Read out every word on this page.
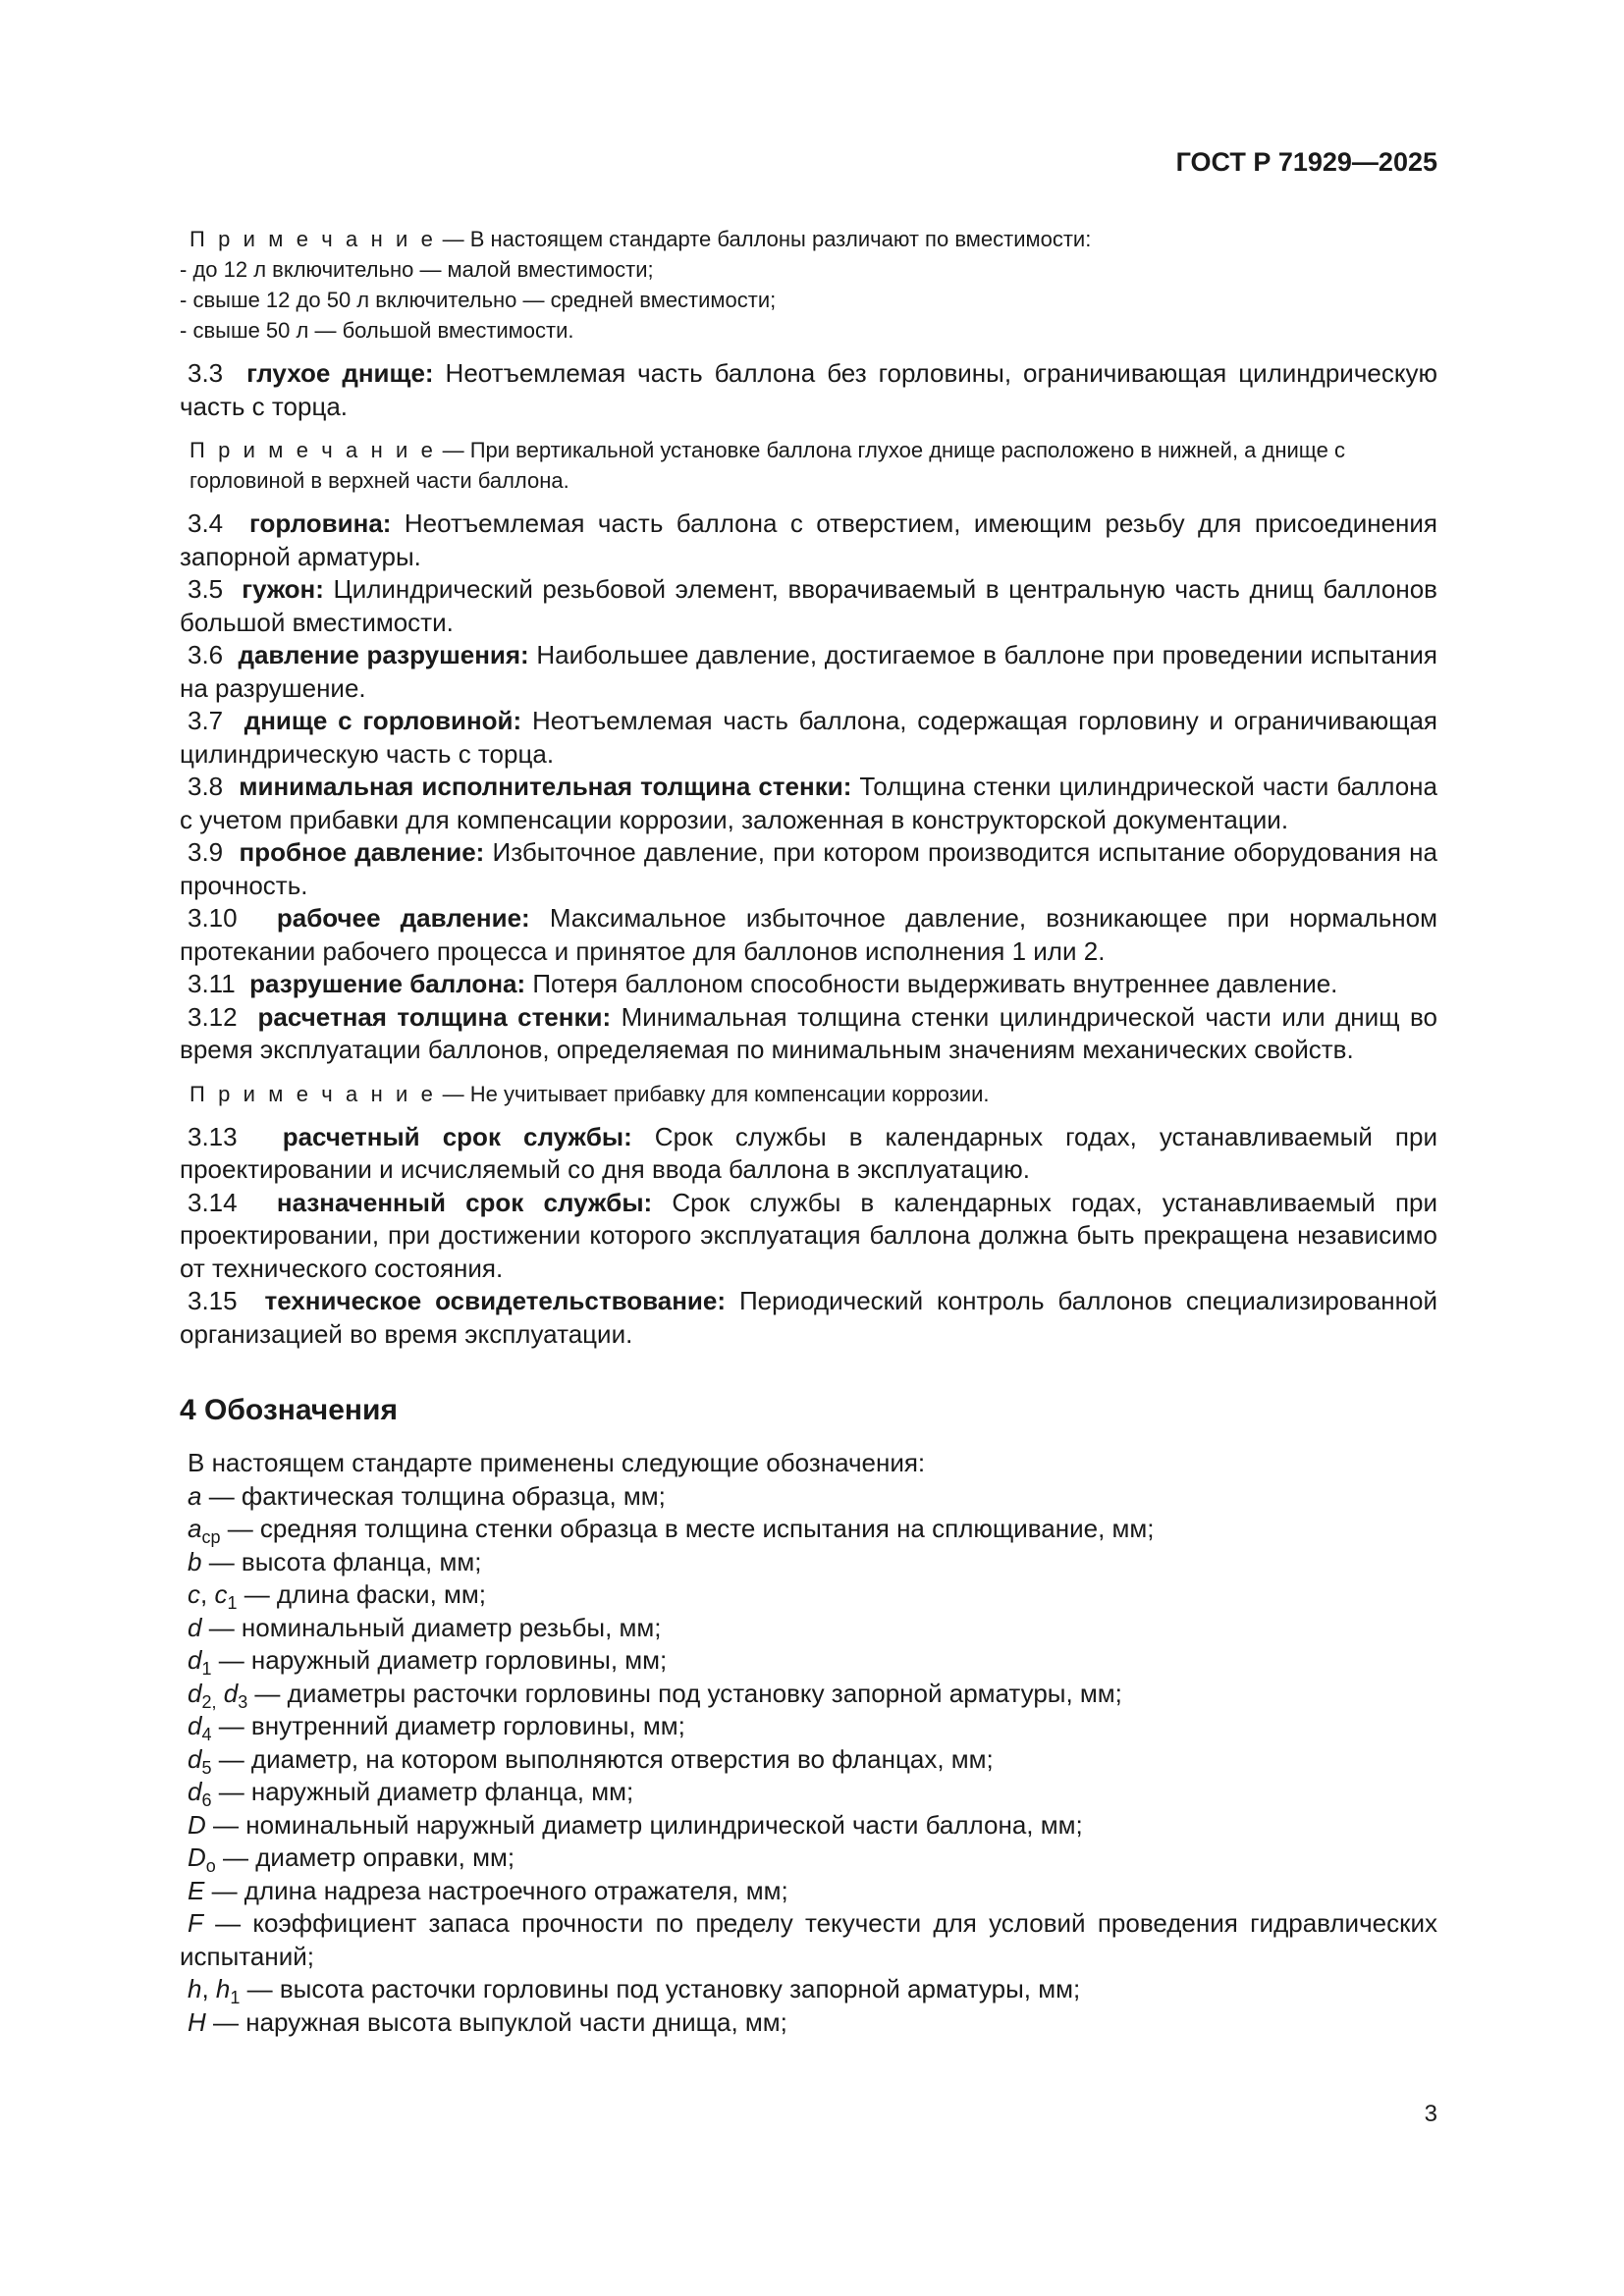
ГОСТ Р 71929—2025
П р и м е ч а н и е — В настоящем стандарте баллоны различают по вместимости:
- до 12 л включительно — малой вместимости;
- свыше 12 до 50 л включительно — средней вместимости;
- свыше 50 л — большой вместимости.

3.3 глухое днище: Неотъемлемая часть баллона без горловины, ограничивающая цилиндрическую часть с торца.

П р и м е ч а н и е — При вертикальной установке баллона глухое днище расположено в нижней, а днище с горловиной в верхней части баллона.

3.4 горловина: Неотъемлемая часть баллона с отверстием, имеющим резьбу для присоединения запорной арматуры.

3.5 гужон: Цилиндрический резьбовой элемент, вворачиваемый в центральную часть днищ баллонов большой вместимости.

3.6 давление разрушения: Наибольшее давление, достигаемое в баллоне при проведении испытания на разрушение.

3.7 днище с горловиной: Неотъемлемая часть баллона, содержащая горловину и ограничивающая цилиндрическую часть с торца.

3.8 минимальная исполнительная толщина стенки: Толщина стенки цилиндрической части баллона с учетом прибавки для компенсации коррозии, заложенная в конструкторской документации.

3.9 пробное давление: Избыточное давление, при котором производится испытание оборудования на прочность.

3.10 рабочее давление: Максимальное избыточное давление, возникающее при нормальном протекании рабочего процесса и принятое для баллонов исполнения 1 или 2.

3.11 разрушение баллона: Потеря баллоном способности выдерживать внутреннее давление.

3.12 расчетная толщина стенки: Минимальная толщина стенки цилиндрической части или днищ во время эксплуатации баллонов, определяемая по минимальным значениям механических свойств.

П р и м е ч а н и е — Не учитывает прибавку для компенсации коррозии.

3.13 расчетный срок службы: Срок службы в календарных годах, устанавливаемый при проектировании и исчисляемый со дня ввода баллона в эксплуатацию.

3.14 назначенный срок службы: Срок службы в календарных годах, устанавливаемый при проектировании, при достижении которого эксплуатация баллона должна быть прекращена независимо от технического состояния.

3.15 техническое освидетельствование: Периодический контроль баллонов специализированной организацией во время эксплуатации.

4 Обозначения

В настоящем стандарте применены следующие обозначения:

a — фактическая толщина образца, мм;

$a_{ср}$ — средняя толщина стенки образца в месте испытания на сплющивание, мм;

b — высота фланца, мм;

c, $c_1$ — длина фаски, мм;

d — номинальный диаметр резьбы, мм;

$d_1$ — наружный диаметр горловины, мм;

$d_{2,}$ $d_3$ — диаметры расточки горловины под установку запорной арматуры, мм;

$d_4$ — внутренний диаметр горловины, мм;

$d_5$ — диаметр, на котором выполняются отверстия во фланцах, мм;

$d_6$ — наружный диаметр фланца, мм;

D — номинальный наружный диаметр цилиндрической части баллона, мм;

$D_o$ — диаметр оправки, мм;

E — длина надреза настроечного отражателя, мм;

F — коэффициент запаса прочности по пределу текучести для условий проведения гидравлических испытаний;

h, $h_1$ — высота расточки горловины под установку запорной арматуры, мм;

H — наружная высота выпуклой части днища, мм;

3
